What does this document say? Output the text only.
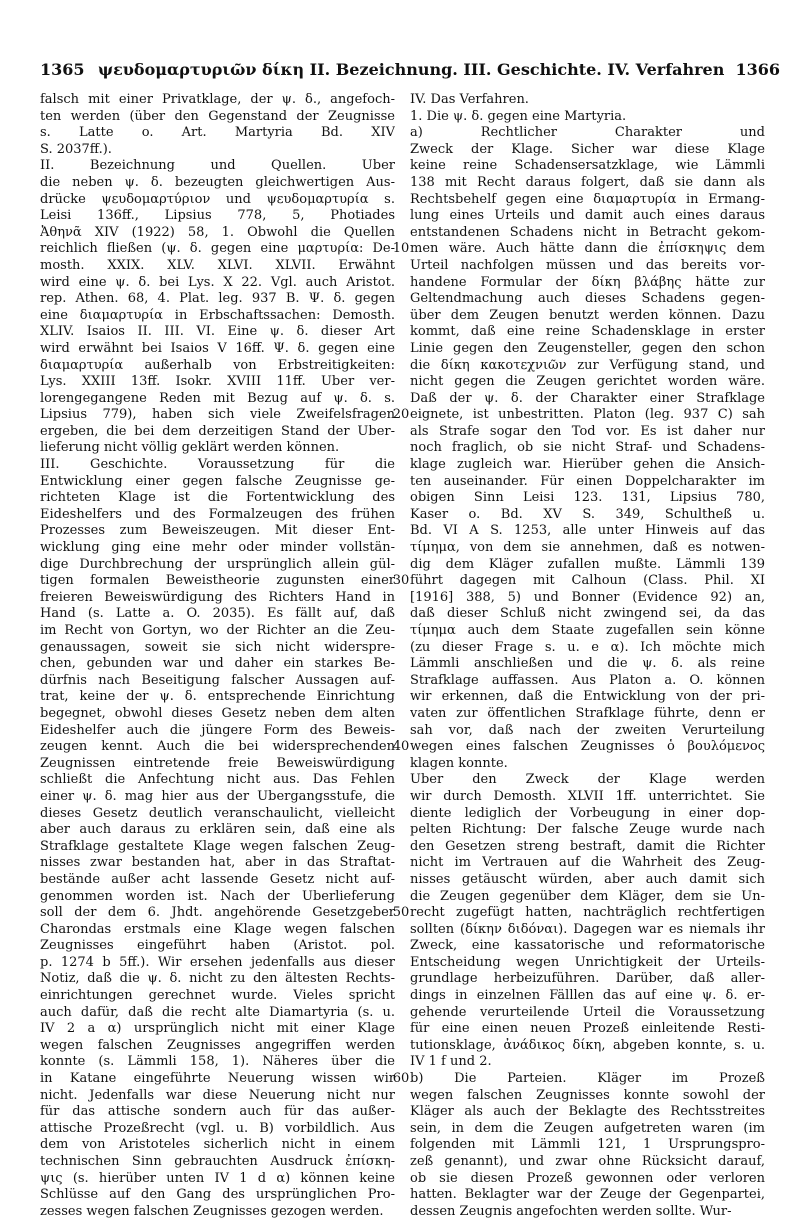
1365 ψευδομαρτυριῶν δίκη II. Bezeichnung. III. Geschichte. IV. Verfahren 1366
falsch mit einer Privatklage, der ψ. δ., angefoch-
ten werden (über den Gegenstand der Zeugnisse
s. Latte o. Art. Martyria Bd. XIV
S. 2037ff.).
II. Bezeichnung und Quellen. Über
die neben ψ. δ. bezeugten gleichwertigen Aus-
drücke ψευδομαρτύριον und ψευδομαρτυρία s.
Leisi 136ff., Lipsius 778, 5, Photiades
Ἀθηνᾶ XIV (1922) 58, 1. Obwohl die Quellen
reichlich fließen (ψ. δ. gegen eine μαρτυρία: De-
mosth. XXIX. XLV. XLVI. XLVII. Erwähnt
wird eine ψ. δ. bei Lys. X 22. Vgl. auch Aristot.
rep. Athen. 68, 4. Plat. leg. 937 B. Ψ. δ. gegen
eine διαμαρτυρία in Erbschaftssachen: Demosth.
XLIV. Isaios II. III. VI. Eine ψ. δ. dieser Art
wird erwähnt bei Isaios V 16ff. Ψ. δ. gegen eine
διαμαρτυρία außerhalb von Erbstreitigkeiten:
Lys. XXIII 13ff. Isokr. XVIII 11ff. Über ver-
lorengegangene Reden mit Bezug auf ψ. δ. s.
Lipsius 779), haben sich viele Zweifelsfragen
ergeben, die bei dem derzeitigen Stand der Über-
lieferung nicht völlig geklärt werden können.
III. Geschichte. Voraussetzung für die
Entwicklung einer gegen falsche Zeugnisse ge-
richteten Klage ist die Fortentwicklung des
Eideshelfers und des Formalzeugen des frühen
Prozesses zum Beweiszeugen. Mit dieser Ent-
wicklung ging eine mehr oder minder vollstän-
dige Durchbrechung der ursprünglich allein gül-
tigen formalen Beweistheorie zugunsten einer
freieren Beweiswürdigung des Richters Hand in
Hand (s. Latte a. O. 2035). Es fällt auf, daß
im Recht von Gortyn, wo der Richter an die Zeu-
genaussagen, soweit sie sich nicht widerspre-
chen, gebunden war und daher ein starkes Be-
dürfnis nach Beseitigung falscher Aussagen auf-
trat, keine der ψ. δ. entsprechende Einrichtung
begegnet, obwohl dieses Gesetz neben dem alten
Eideshelfer auch die jüngere Form des Beweis-
zeugen kennt. Auch die bei widersprechenden
Zeugnissen eintretende freie Beweiswürdigung
schließt die Anfechtung nicht aus. Das Fehlen
einer ψ. δ. mag hier aus der Übergangsstufe, die
dieses Gesetz deutlich veranschaulicht, vielleicht
aber auch daraus zu erklären sein, daß eine als
Strafklage gestaltete Klage wegen falschen Zeug-
nisses zwar bestanden hat, aber in das Straftat-
bestände außer acht lassende Gesetz nicht auf-
genommen worden ist. Nach der Überlieferung
soll der dem 6. Jhdt. angehörende Gesetzgeber
Charondas erstmals eine Klage wegen falschen
Zeugnisses eingeführt haben (Aristot. pol.
p. 1274 b 5ff.). Wir ersehen jedenfalls aus dieser
Notiz, daß die ψ. δ. nicht zu den ältesten Rechts-
einrichtungen gerechnet wurde. Vieles spricht
auch dafür, daß die recht alte Diamartyria (s. u.
IV 2 a α) ursprünglich nicht mit einer Klage
wegen falschen Zeugnisses angegriffen werden
konnte (s. Lämmli 158, 1). Näheres über die
in Katane eingeführte Neuerung wissen wir
nicht. Jedenfalls war diese Neuerung nicht nur
für das attische sondern auch für das außer-
attische Prozeßrecht (vgl. u. B) vorbildlich. Aus
dem von Aristoteles sicherlich nicht in einem
technischen Sinn gebrauchten Ausdruck ἐπίσκη-
ψις (s. hierüber unten IV 1 d α) können keine
Schlüsse auf den Gang des ursprünglichen Pro-
zesses wegen falschen Zeugnisses gezogen werden.
IV. Das Verfahren.
1. Die ψ. δ. gegen eine Martyria.
a) Rechtlicher Charakter und
Zweck der Klage. Sicher war diese Klage
keine reine Schadensersatzklage, wie Lämmli
138 mit Recht daraus folgert, daß sie dann als
Rechtsbehelf gegen eine διαμαρτυρία in Ermang-
lung eines Urteils und damit auch eines daraus
entstandenen Schadens nicht in Betracht gekom-
men wäre. Auch hätte dann die ἐπίσκηψις dem
Urteil nachfolgen müssen und das bereits vor-
handene Formular der δίκη βλάβης hätte zur
Geltendmachung auch dieses Schadens gegen-
über dem Zeugen benutzt werden können. Dazu
kommt, daß eine reine Schadensklage in erster
Linie gegen den Zeugensteller, gegen den schon
die δίκη κακοτεχνιῶν zur Verfügung stand, und
nicht gegen die Zeugen gerichtet worden wäre.
Daß der ψ. δ. der Charakter einer Strafklage
eignete, ist unbestritten. Platon (leg. 937 C) sah
als Strafe sogar den Tod vor. Es ist daher nur
noch fraglich, ob sie nicht Straf- und Schadens-
klage zugleich war. Hierüber gehen die Ansich-
ten auseinander. Für einen Doppelcharakter im
obigen Sinn Leisi 123. 131, Lipsius 780,
Kaser o. Bd. XV S. 349, Schultheß u.
Bd. VI A S. 1253, alle unter Hinweis auf das
τίμημα, von dem sie annehmen, daß es notwen-
dig dem Kläger zufallen mußte. Lämmli 139
führt dagegen mit Calhoun (Class. Phil. XI
[1916] 388, 5) und Bonner (Evidence 92) an,
daß dieser Schluß nicht zwingend sei, da das
τίμημα auch dem Staate zugefallen sein könne
(zu dieser Frage s. u. e α). Ich möchte mich
Lämmli anschließen und die ψ. δ. als reine
Strafklage auffassen. Aus Platon a. O. können
wir erkennen, daß die Entwicklung von der pri-
vaten zur öffentlichen Strafklage führte, denn er
sah vor, daß nach der zweiten Verurteilung
wegen eines falschen Zeugnisses ὁ βουλόμενος
klagen konnte.
Über den Zweck der Klage werden
wir durch Demosth. XLVII 1ff. unterrichtet. Sie
diente lediglich der Vorbeugung in einer dop-
pelten Richtung: Der falsche Zeuge wurde nach
den Gesetzen streng bestraft, damit die Richter
nicht im Vertrauen auf die Wahrheit des Zeug-
nisses getäuscht würden, aber auch damit sich
die Zeugen gegenüber dem Kläger, dem sie Un-
recht zugefügt hatten, nachträglich rechtfertigen
sollten (δίκην διδόναι). Dagegen war es niemals ihr
Zweck, eine kassatorische und reformatorische
Entscheidung wegen Unrichtigkeit der Urteils-
grundlage herbeizuführen. Darüber, daß aller-
dings in einzelnen Fälllen das auf eine ψ. δ. er-
gehende verurteilende Urteil die Voraussetzung
für eine einen neuen Prozeß einleitende Resti-
tutionsklage, ἀνάδικος δίκη, abgeben konnte, s. u.
IV 1 f und 2.
b) Die Parteien. Kläger im Prozeß
wegen falschen Zeugnisses konnte sowohl der
Kläger als auch der Beklagte des Rechtsstreites
sein, in dem die Zeugen aufgetreten waren (im
folgenden mit Lämmli 121, 1 Ursprungspro-
zeß genannt), und zwar ohne Rücksicht darauf,
ob sie diesen Prozeß gewonnen oder verloren
hatten. Beklagter war der Zeuge der Gegenpartei,
dessen Zeugnis angefochten werden sollte. Wur-
10
20
30
40
50
60
